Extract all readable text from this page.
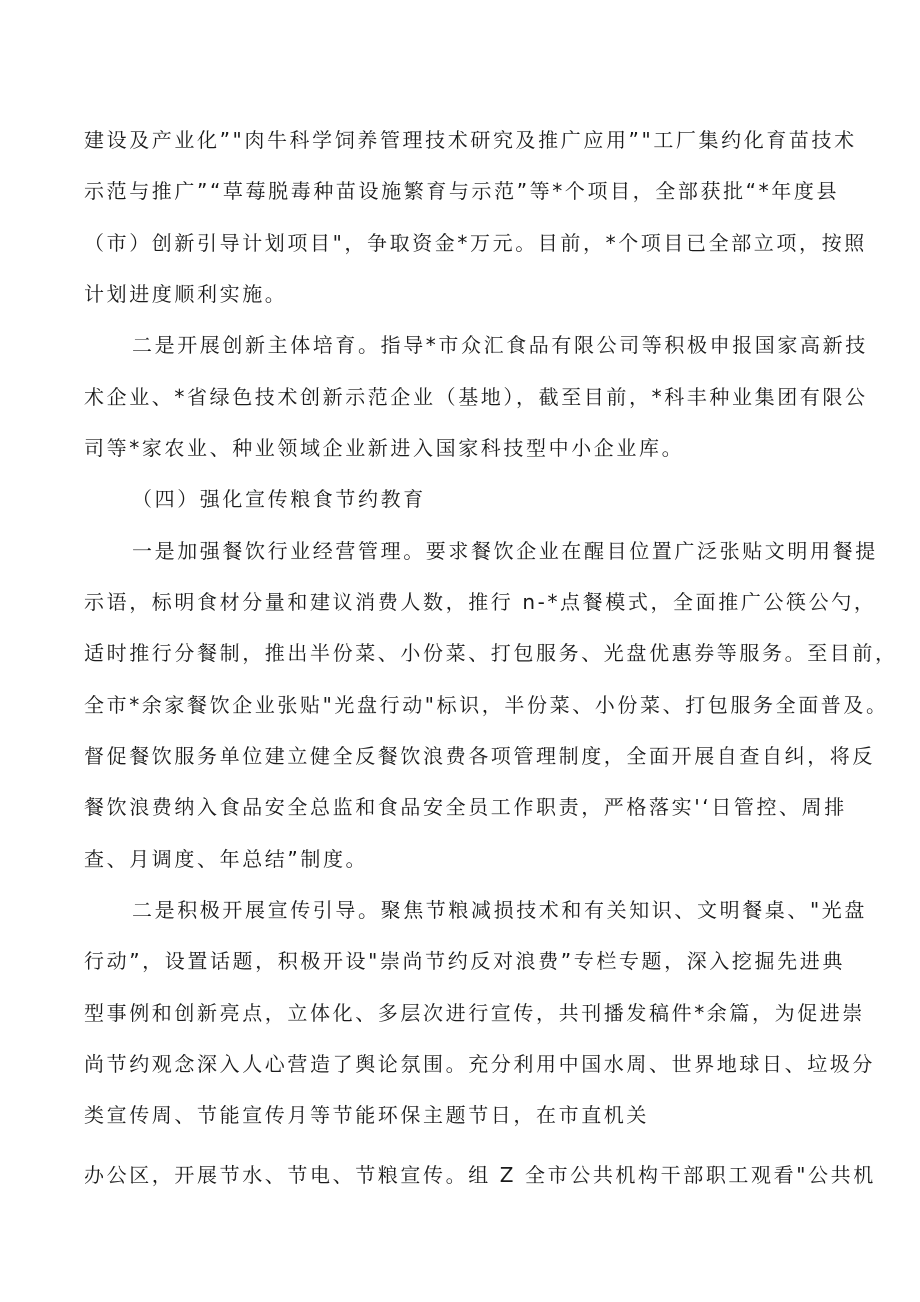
建设及产业化”"肉牛科学饲养管理技术研究及推广应用”"工厂集约化育苗技术
示范与推广”“草莓脱毒种苗设施繁育与示范”等*个项目，全部获批“*年度县
（市）创新引导计划项目"，争取资金*万元。目前，*个项目已全部立项，按照
计划进度顺利实施。
二是开展创新主体培育。指导*市众汇食品有限公司等积极申报国家高新技
术企业、*省绿色技术创新示范企业（基地），截至目前，*科丰种业集团有限公
司等*家农业、种业领域企业新进入国家科技型中小企业库。
（四）强化宣传粮食节约教育
一是加强餐饮行业经营管理。要求餐饮企业在醒目位置广泛张贴文明用餐提
示语，标明食材分量和建议消费人数，推行 n-*点餐模式，全面推广公筷公勺，
适时推行分餐制，推出半份菜、小份菜、打包服务、光盘优惠券等服务。至目前，
全市*余家餐饮企业张贴"光盘行动"标识，半份菜、小份菜、打包服务全面普及。
督促餐饮服务单位建立健全反餐饮浪费各项管理制度，全面开展自查自纠，将反
餐饮浪费纳入食品安全总监和食品安全员工作职责，严格落实'‘日管控、周排
查、月调度、年总结”制度。
二是积极开展宣传引导。聚焦节粮减损技术和有关知识、文明餐桌、"光盘
行动”，设置话题，积极开设"崇尚节约反对浪费”专栏专题，深入挖掘先进典
型事例和创新亮点，立体化、多层次进行宣传，共刊播发稿件*余篇，为促进崇
尚节约观念深入人心营造了舆论氛围。充分利用中国水周、世界地球日、垃圾分
类宣传周、节能宣传月等节能环保主题节日，在市直机关
办公区，开展节水、节电、节粮宣传。组 Z 全市公共机构干部职工观看"公共机
